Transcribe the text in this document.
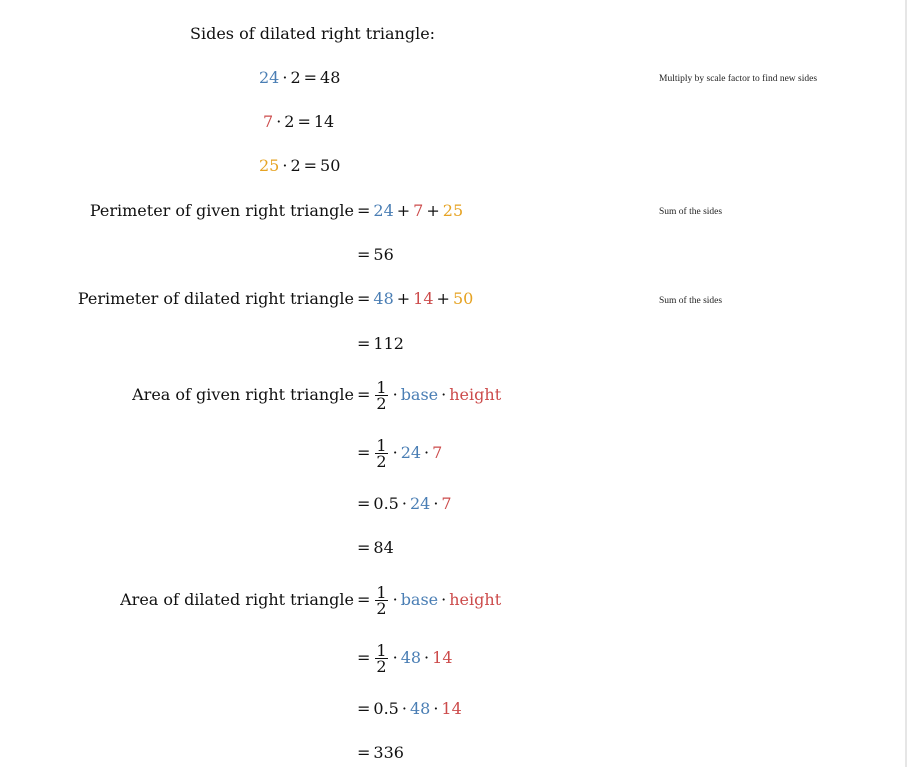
Sides of dilated right triangle:
24 · 2 = 48
7 · 2 = 14
25 · 2 = 50
Multiply by scale factor to find new sides
Sum of the sides
Sum of the sides
Perimeter of given right triangle = 24 + 7 + 25
= 56
Perimeter of dilated right triangle = 48 + 14 + 50
= 112
Area of given right triangle = $\frac{1}{2}$ · base · height
= $\frac{1}{2} \cdot 24 \cdot 7$
= 0.5 · 24 · 7
= 84
Area of dilated right triangle = $\frac{1}{2}$ · base · height
= $\frac{1}{2} \cdot 48 \cdot 14$
= 0.5 · 48 · 14
= 336
